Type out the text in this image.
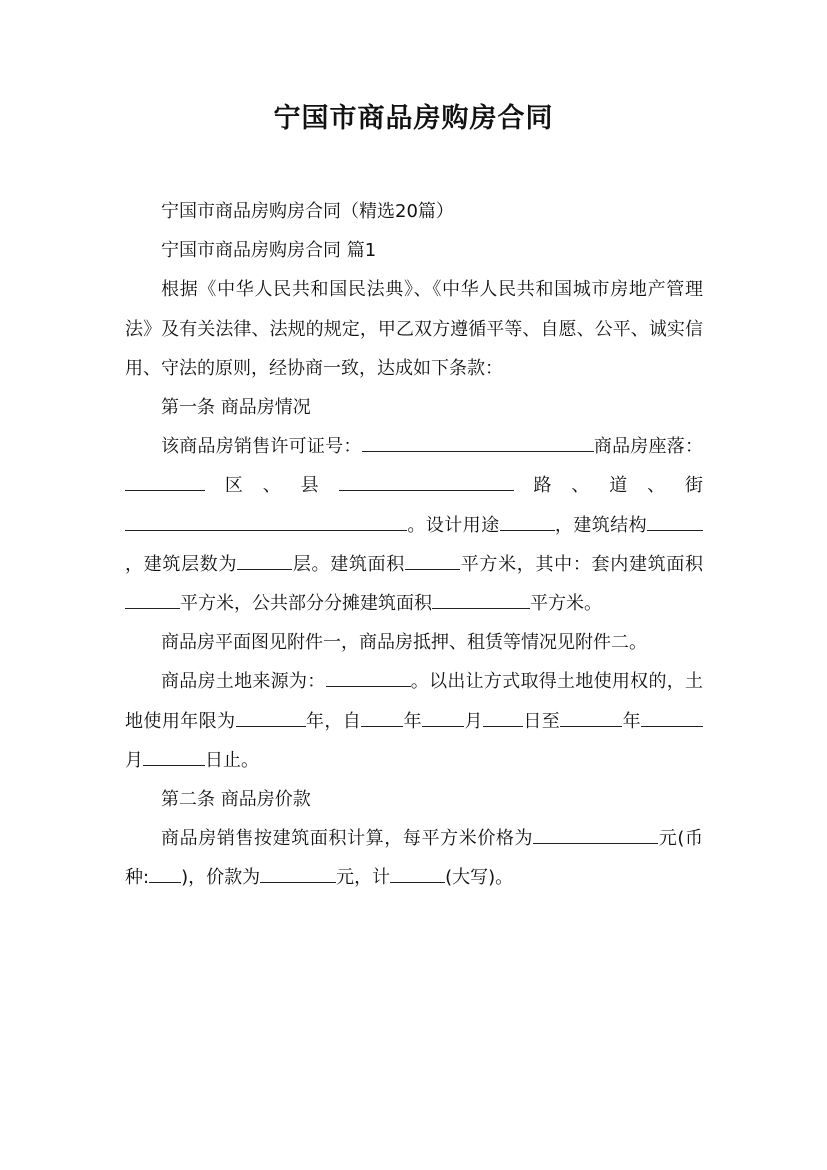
宁国市商品房购房合同

宁国市商品房购房合同（精选20篇）

宁国市商品房购房合同 篇1

根据《中华人民共和国民法典》、《中华人民共和国城市房地产管理法》及有关法律、法规的规定，甲乙双方遵循平等、自愿、公平、诚实信用、守法的原则，经协商一致，达成如下条款：

第一条 商品房情况

该商品房销售许可证号：	商品房座落：区、县	路、道、街。设计用途	，建筑结构，建筑层数为	层。建筑面积	平方米，其中：套内建筑面积平方米，公共部分分摊建筑面积	平方米。

商品房平面图见附件一，商品房抵押、租赁等情况见附件二。

商品房土地来源为：	。以出让方式取得土地使用权的，土地使用年限为	年，自 年 月 日至	年月	日止。

第二条 商品房价款

商品房销售按建筑面积计算，每平方米价格为	元(币种: )，价款为	元，计	(大写)。
